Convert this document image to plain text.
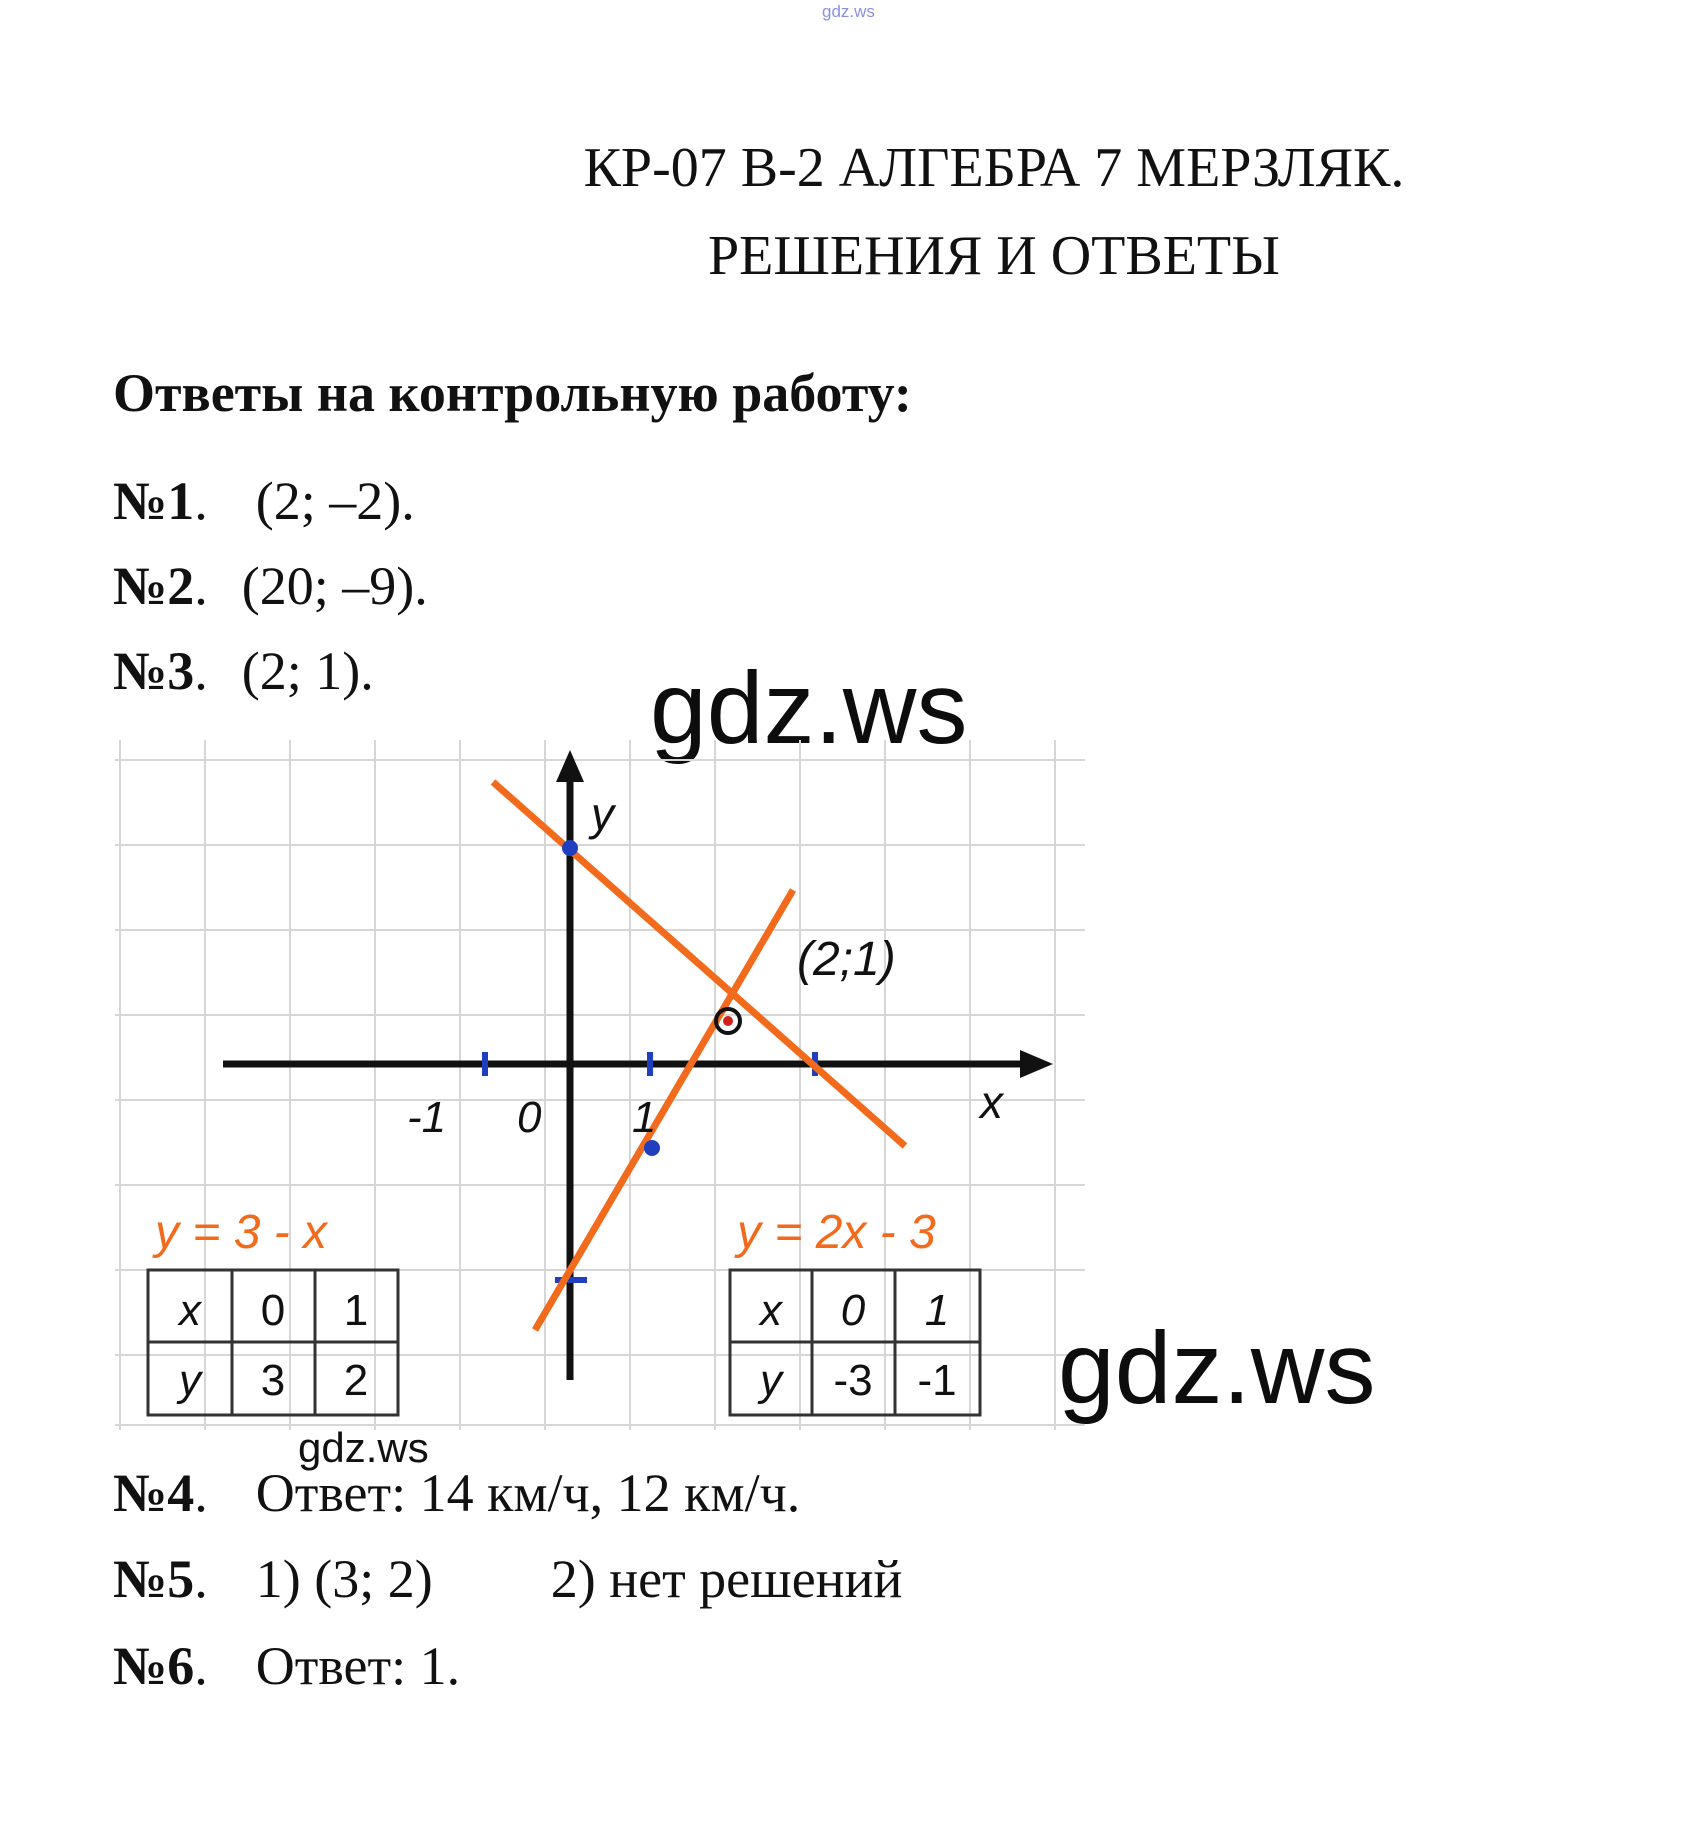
gdz.ws
КР-07 В-2 АЛГЕБРА 7 МЕРЗЛЯК.
РЕШЕНИЯ И ОТВЕТЫ
Ответы на контрольную работу:
№1. (2; –2).
№2. (20; –9).
№3. (2; 1).	gdz.ws
y
x
0
-1	1
(2;1)
y = 3 - x
x 0 1
y 3 2
y = 2x - 3
x 0 1
y -3 -1 gdz.ws
gdz.ws
№4. Ответ: 14 км/ч, 12 км/ч.
№5. 1) (3; 2) 2) нет решений
№6. Ответ: 1.
